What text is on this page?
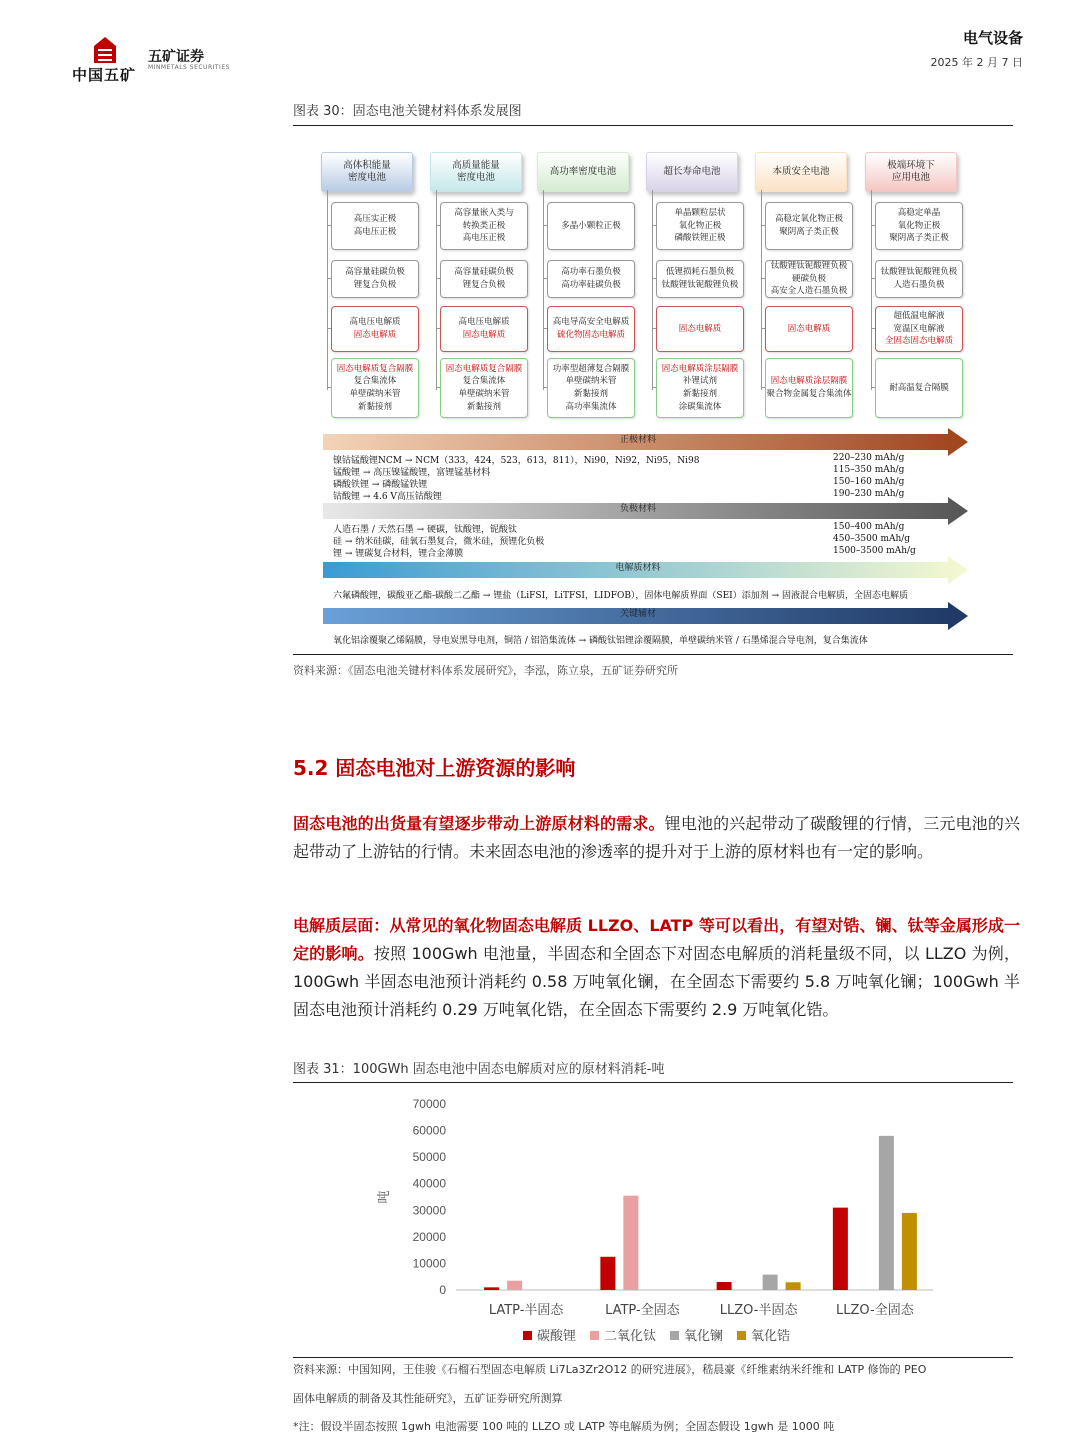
中国五矿
五矿证券
MINMETALS SECURITIES
电气设备
2025 年 2 月 7 日
图表 30：固态电池关键材料体系发展图
高体积能量
密度电池
高压实正极
高电压正极
高容量硅碳负极
锂复合负极
高电压电解质
固态电解质
固态电解质复合隔膜
复合集流体
单壁碳纳米管
新黏接剂
高质量能量
密度电池
高容量嵌入类与
转换类正极
高电压正极
高容量硅碳负极
锂复合负极
高电压电解质
固态电解质
固态电解质复合隔膜
复合集流体
单壁碳纳米管
新黏接剂
高功率密度电池
多晶小颗粒正极
高功率石墨负极
高功率硅碳负极
高电导高安全电解质
硫化物固态电解质
功率型超薄复合隔膜
单壁碳纳米管
新黏接剂
高功率集流体
超长寿命电池
单晶颗粒层状
氧化物正极
磷酸铁锂正极
低锂损耗石墨负极
钛酸锂钛铌酸锂负极
固态电解质
固态电解质涂层隔膜
补锂试剂
新黏接剂
涂碳集流体
本质安全电池
高稳定氧化物正极
聚阴离子类正极
钛酸锂钛铌酸锂负极
硬碳负极
高安全人造石墨负极
固态电解质
固态电解质涂层隔膜
聚合物金属复合集流体
极端环境下
应用电池
高稳定单晶
氧化物正极
聚阴离子类正极
钛酸锂钛铌酸锂负极
人造石墨负极
超低温电解液
宽温区电解液
全固态固态电解质
耐高温复合隔膜
正极材料
镍钴锰酸锂NCM → NCM（333，424，523，613，811），Ni90，Ni92，Ni95，Ni98	220–230 mAh/g
锰酸锂 → 高压镍锰酸锂，富锂锰基材料	115–350 mAh/g
磷酸铁锂 → 磷酸锰铁锂	150–160 mAh/g
钴酸锂 → 4.6 V高压钴酸锂	190–230 mAh/g
负极材料
人造石墨 / 天然石墨 → 硬碳，钛酸锂，铌酸钛	150–400 mAh/g
硅 → 纳米硅碳，硅氧石墨复合，微米硅，预锂化负极	450–3500 mAh/g
锂 → 锂碳复合材料，锂合金薄膜	1500–3500 mAh/g
电解质材料
六氟磷酸锂，碳酸亚乙酯-碳酸二乙酯 → 锂盐（LiFSI，LiTFSI，LIDFOB），固体电解质界面（SEI）添加剂 → 固液混合电解质，全固态电解质
关键辅材
氧化铝涂覆聚乙烯隔膜，导电炭黑导电剂，铜箔 / 铝箔集流体 → 磷酸钛铝锂涂覆隔膜，单壁碳纳米管 / 石墨烯混合导电剂，复合集流体
资料来源：《固态电池关键材料体系发展研究》，李泓，陈立泉，五矿证券研究所
5.2 固态电池对上游资源的影响
固态电池的出货量有望逐步带动上游原材料的需求。锂电池的兴起带动了碳酸锂的行情，三元电池的兴起带动了上游钴的行情。未来固态电池的渗透率的提升对于上游的原材料也有一定的影响。
电解质层面：从常见的氧化物固态电解质 LLZO、LATP 等可以看出，有望对锆、镧、钛等金属形成一定的影响。按照 100Gwh 电池量，半固态和全固态下对固态电解质的消耗量级不同，以 LLZO 为例，100Gwh 半固态电池预计消耗约 0.58 万吨氧化镧，在全固态下需要约 5.8 万吨氧化镧；100Gwh 半固态电池预计消耗约 0.29 万吨氧化锆，在全固态下需要约 2.9 万吨氧化锆。
图表 31：100GWh 固态电池中固态电解质对应的原材料消耗-吨
0
10000
20000
30000
40000
50000
60000
70000
吨
LATP-半固态	LATP-全固态	LLZO-半固态	LLZO-全固态
碳酸锂 二氧化钛 氧化镧 氧化锆
资料来源：中国知网，王佳骏《石榴石型固态电解质 Li7La3Zr2O12 的研究进展》，嵇晨豪《纤维素纳米纤维和 LATP 修饰的 PEO
固体电解质的制备及其性能研究》，五矿证券研究所测算
*注：假设半固态按照 1gwh 电池需要 100 吨的 LLZO 或 LATP 等电解质为例；全固态假设 1gwh 是 1000 吨
